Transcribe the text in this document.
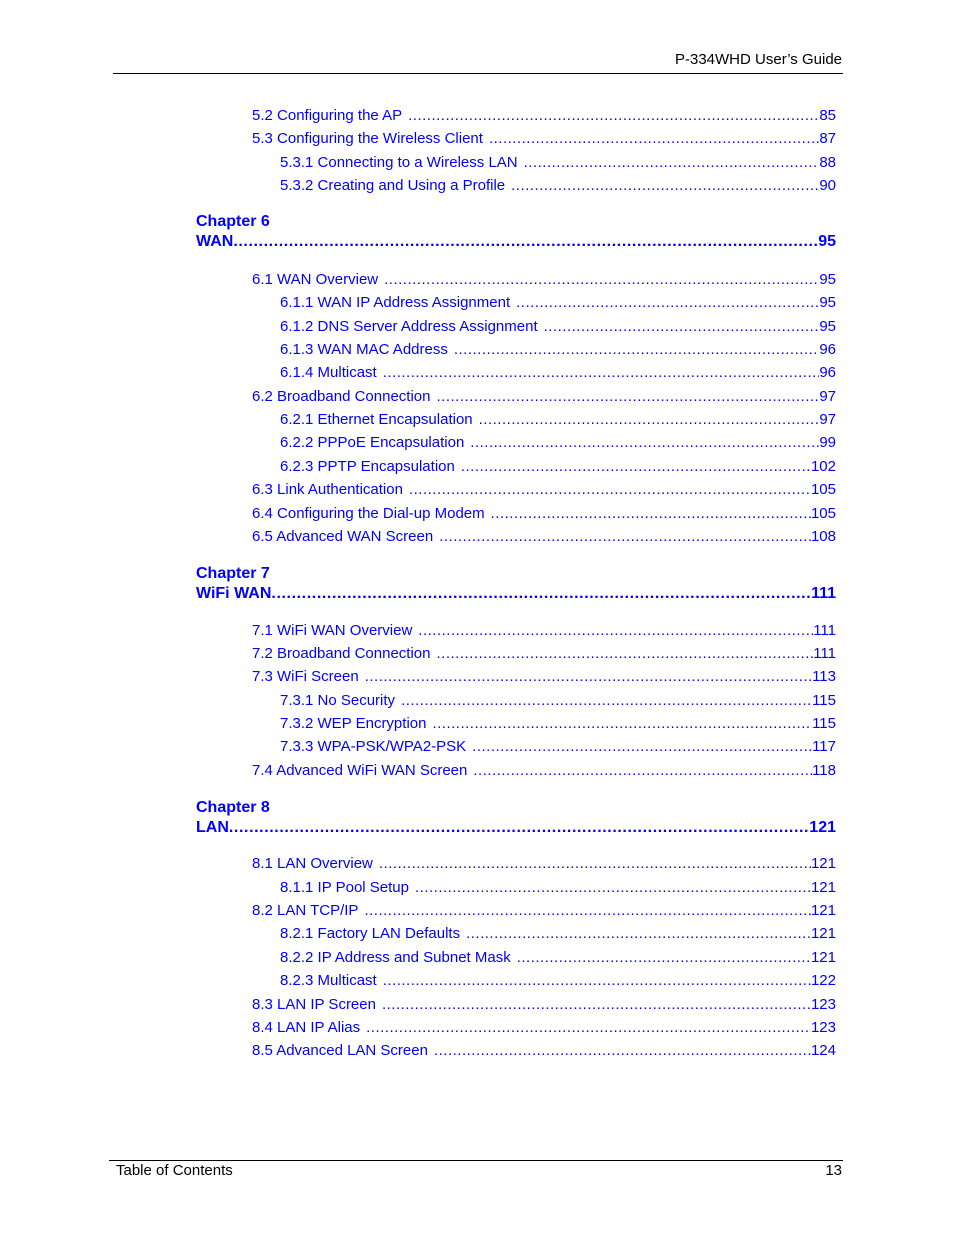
P-334WHD User’s Guide
5.2 Configuring the AP .....	85
5.3 Configuring the Wireless Client .....	87
5.3.1 Connecting to a Wireless LAN .....	88
5.3.2 Creating and Using a Profile .....	90
Chapter 6
WAN .....	95
6.1 WAN Overview .....	95
6.1.1 WAN IP Address Assignment .....	95
6.1.2 DNS Server Address Assignment .....	95
6.1.3 WAN MAC Address .....	96
6.1.4 Multicast .....	96
6.2 Broadband Connection .....	97
6.2.1 Ethernet Encapsulation .....	97
6.2.2 PPPoE Encapsulation .....	99
6.2.3 PPTP Encapsulation .....	102
6.3 Link Authentication .....	105
6.4 Configuring the Dial-up Modem .....	105
6.5 Advanced WAN Screen .....	108
Chapter 7
WiFi WAN .....	111
7.1 WiFi WAN Overview .....	111
7.2 Broadband Connection .....	111
7.3 WiFi Screen .....	113
7.3.1 No Security .....	115
7.3.2 WEP Encryption .....	115
7.3.3 WPA-PSK/WPA2-PSK .....	117
7.4 Advanced WiFi WAN Screen .....	118
Chapter 8
LAN .....	121
8.1 LAN Overview .....	121
8.1.1 IP Pool Setup .....	121
8.2 LAN TCP/IP .....	121
8.2.1 Factory LAN Defaults .....	121
8.2.2 IP Address and Subnet Mask .....	121
8.2.3 Multicast .....	122
8.3 LAN IP Screen .....	123
8.4 LAN IP Alias .....	123
8.5 Advanced LAN Screen .....	124
Table of Contents	13
